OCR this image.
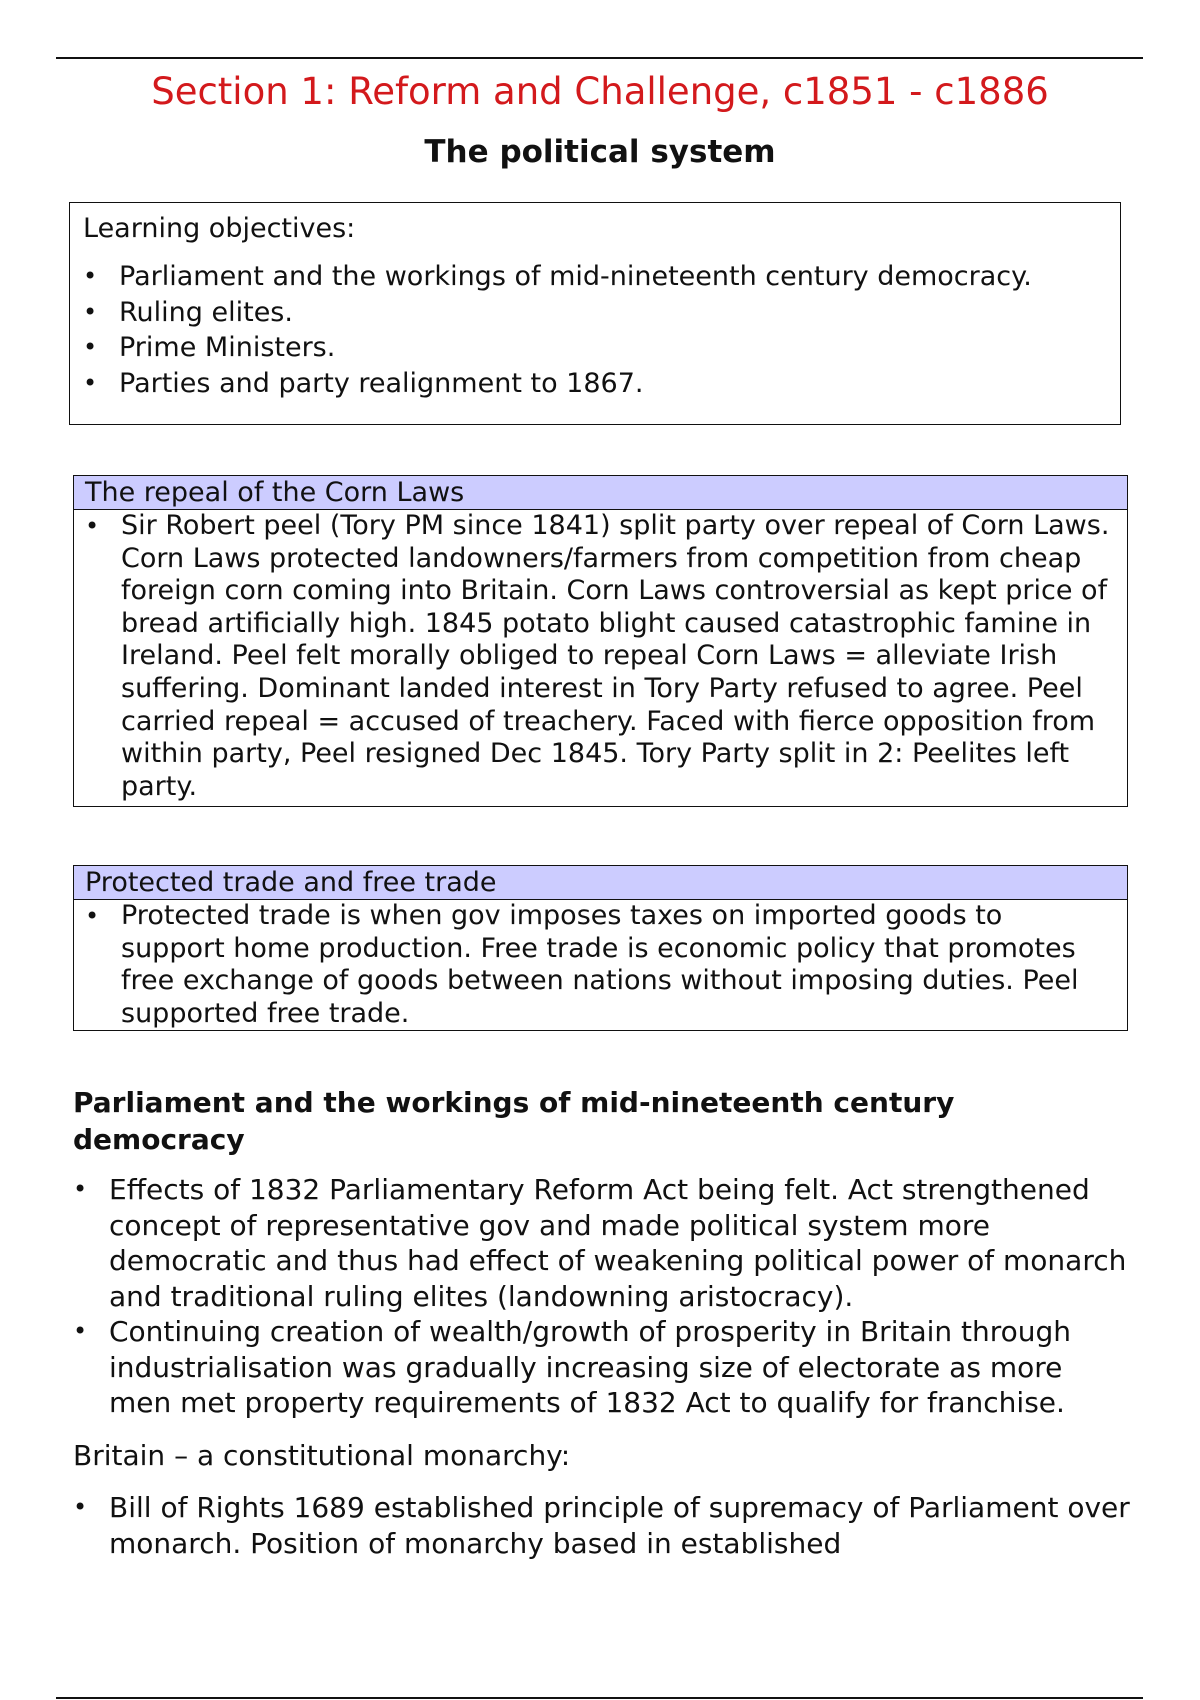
Section 1: Reform and Challenge, c1851 - c1886
The political system
Learning objectives:
• Parliament and the workings of mid-nineteenth century democracy.
• Ruling elites.
• Prime Ministers.
• Parties and party realignment to 1867.
The repeal of the Corn Laws
• Sir Robert peel (Tory PM since 1841) split party over repeal of Corn Laws. Corn Laws protected landowners/farmers from competition from cheap foreign corn coming into Britain. Corn Laws controversial as kept price of bread artificially high. 1845 potato blight caused catastrophic famine in Ireland. Peel felt morally obliged to repeal Corn Laws = alleviate Irish suffering. Dominant landed interest in Tory Party refused to agree. Peel carried repeal = accused of treachery. Faced with fierce opposition from within party, Peel resigned Dec 1845. Tory Party split in 2: Peelites left party.
Protected trade and free trade
• Protected trade is when gov imposes taxes on imported goods to support home production. Free trade is economic policy that promotes free exchange of goods between nations without imposing duties. Peel supported free trade.
Parliament and the workings of mid-nineteenth century democracy
• Effects of 1832 Parliamentary Reform Act being felt. Act strengthened concept of representative gov and made political system more democratic and thus had effect of weakening political power of monarch and traditional ruling elites (landowning aristocracy).
• Continuing creation of wealth/growth of prosperity in Britain through industrialisation was gradually increasing size of electorate as more men met property requirements of 1832 Act to qualify for franchise.
Britain – a constitutional monarchy:
• Bill of Rights 1689 established principle of supremacy of Parliament over monarch. Position of monarchy based in established
